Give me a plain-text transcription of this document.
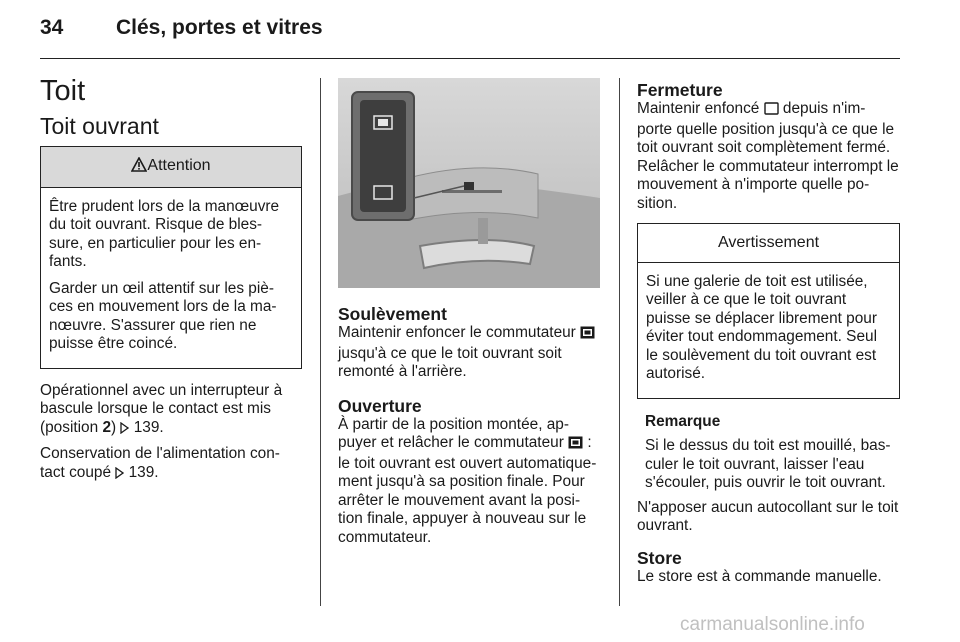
34	Clés, portes et vitres
Toit
Toit ouvrant
Attention

Être prudent lors de la manœuvre du toit ouvrant. Risque de bles-sure, en particulier pour les en-fants.

Garder un œil attentif sur les piè-ces en mouvement lors de la ma-nœuvre. S'assurer que rien ne puisse être coincé.

Opérationnel avec un interrupteur à bascule lorsque le contact est mis (position 2)  139.

Conservation de l'alimentation con-tact coupé  139.

Soulèvement

Maintenir enfoncer le commutateur  jusqu'à ce que le toit ouvrant soit remonté à l'arrière.

Ouverture

À partir de la position montée, ap-puyer et relâcher le commutateur  : le toit ouvrant est ouvert automatique-ment jusqu'à sa position finale. Pour arrêter le mouvement avant la posi-tion finale, appuyer à nouveau sur le commutateur.

Fermeture

Maintenir enfoncé  depuis n'im-porte quelle position jusqu'à ce que le toit ouvrant soit complètement fermé. Relâcher le commutateur interrompt le mouvement à n'importe quelle po-sition.

Avertissement

Si une galerie de toit est utilisée, veiller à ce que le toit ouvrant puisse se déplacer librement pour éviter tout endommagement. Seul le soulèvement du toit ouvrant est autorisé.

Remarque

Si le dessus du toit est mouillé, bas-culer le toit ouvrant, laisser l'eau s'écouler, puis ouvrir le toit ouvrant.

N'apposer aucun autocollant sur le toit ouvrant.

Store

Le store est à commande manuelle.

carmanualsonline.info
